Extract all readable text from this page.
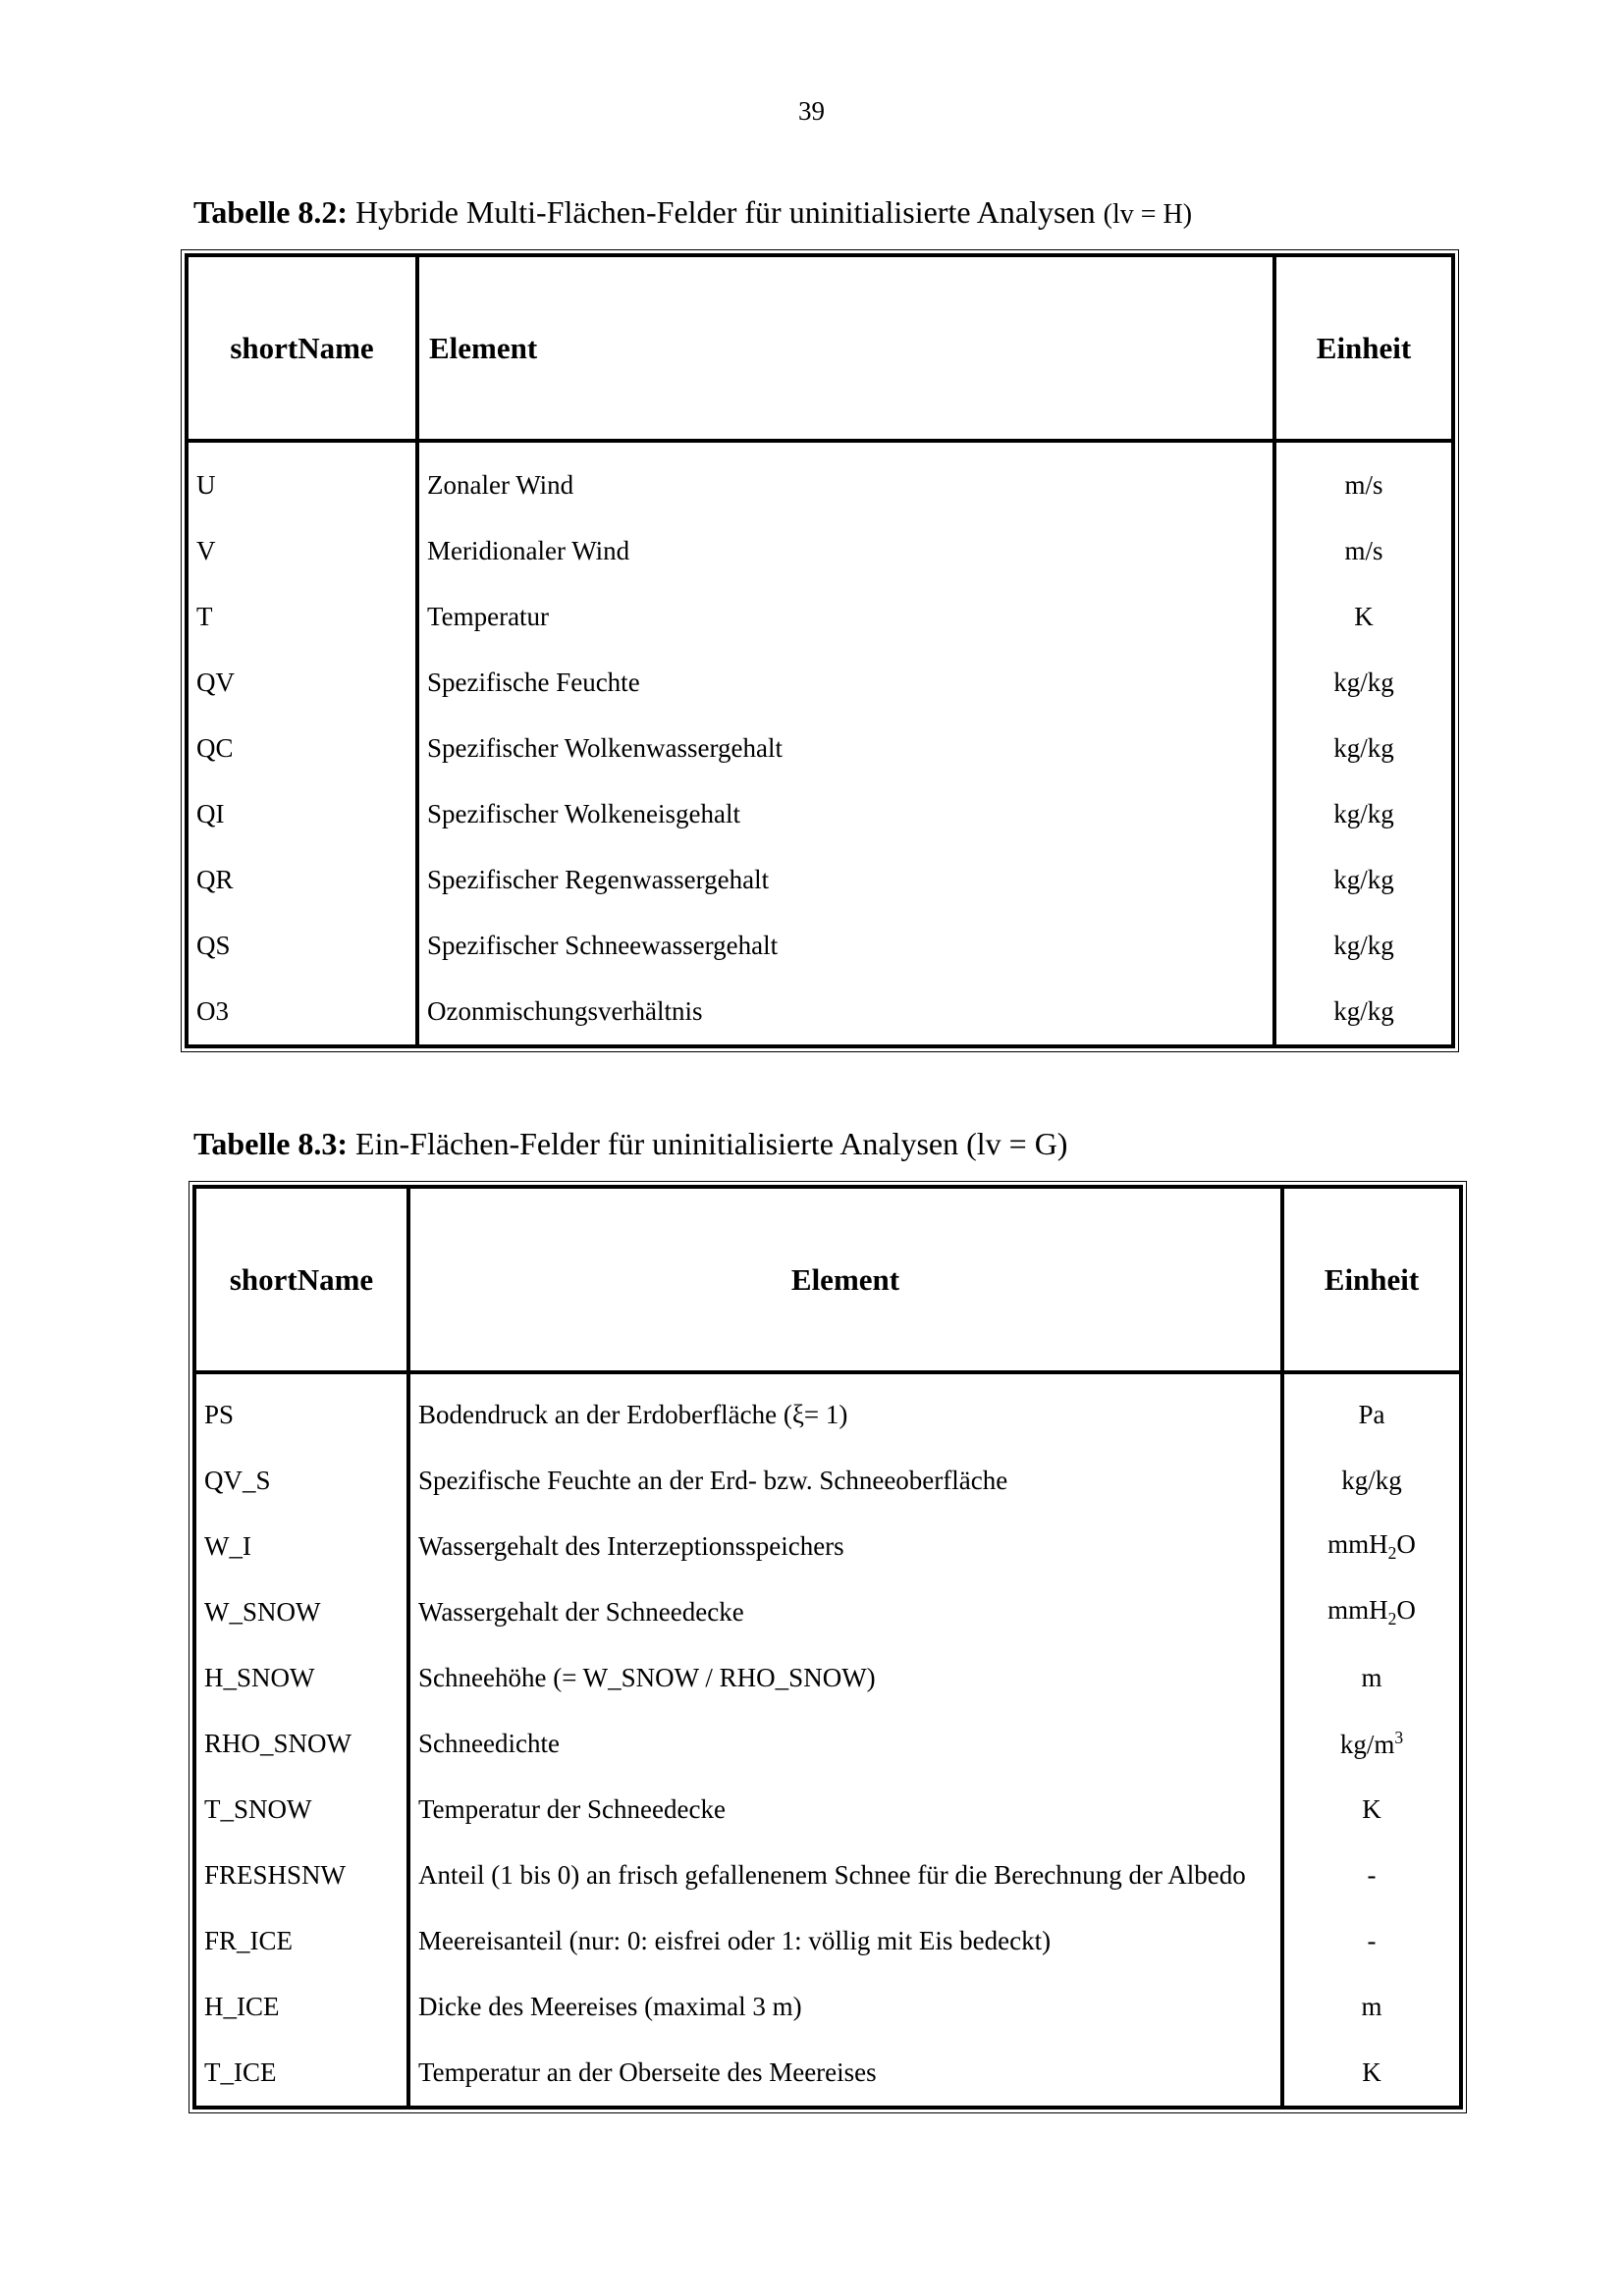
39
Tabelle 8.2: Hybride Multi-Flächen-Felder für uninitialisierte Analysen (lv = H)
shortName	Element	Einheit
U	Zonaler Wind	m/s
V	Meridionaler Wind	m/s
T	Temperatur	K
QV	Spezifische Feuchte	kg/kg
QC	Spezifischer Wolkenwassergehalt	kg/kg
QI	Spezifischer Wolkeneisgehalt	kg/kg
QR	Spezifischer Regenwassergehalt	kg/kg
QS	Spezifischer Schneewassergehalt	kg/kg
O3	Ozonmischungsverhältnis	kg/kg
Tabelle 8.3: Ein-Flächen-Felder für uninitialisierte Analysen (lv = G)
shortName	Element	Einheit
PS	Bodendruck an der Erdoberfläche (ξ= 1)	Pa
QV_S	Spezifische Feuchte an der Erd- bzw. Schneeoberfläche	kg/kg
W_I	Wassergehalt des Interzeptionsspeichers	mmH$_2$O
W_SNOW	Wassergehalt der Schneedecke	mmH$_2$O
H_SNOW	Schneehöhe (= W_SNOW / RHO_SNOW)	m
RHO_SNOW	Schneedichte	$kg/m^3$
T_SNOW	Temperatur der Schneedecke	K
FRESHSNW	Anteil (1 bis 0) an frisch gefallenenem Schnee für die Berechnung der Albedo	-
FR_ICE	Meereisanteil (nur: 0: eisfrei oder 1: völlig mit Eis bedeckt)	-
H_ICE	Dicke des Meereises (maximal 3 m)	m
T_ICE	Temperatur an der Oberseite des Meereises	K
